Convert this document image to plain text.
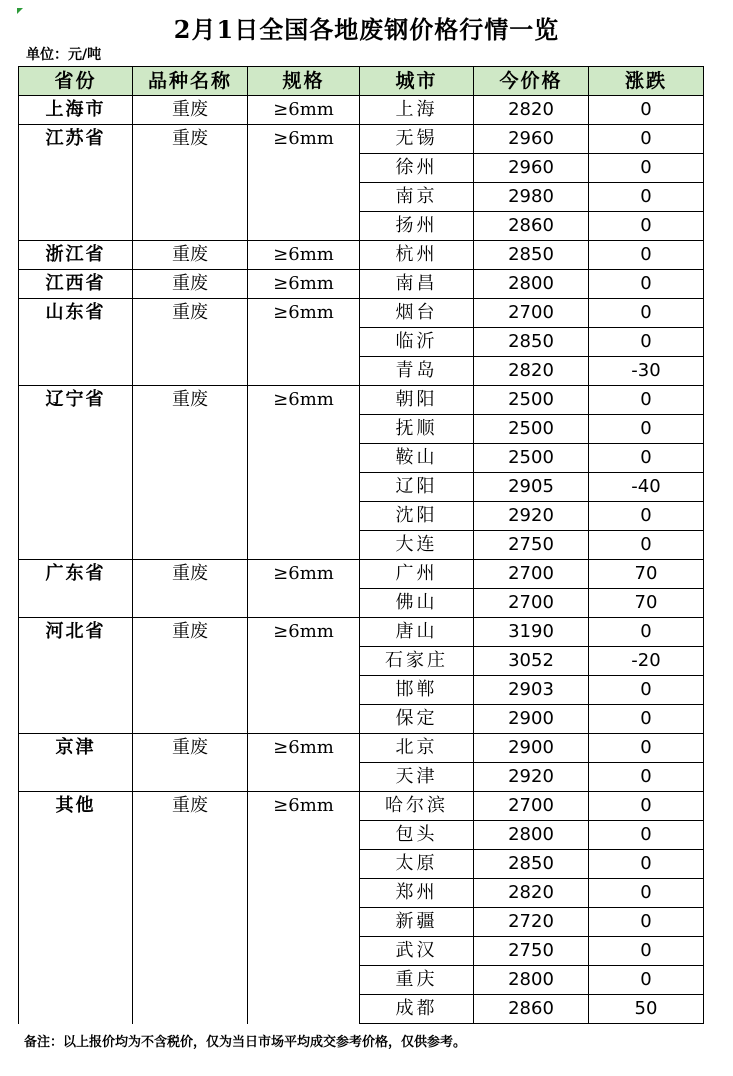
2月1日全国各地废钢价格行情一览
单位：元/吨
省份	品种名称	规格	城市	今价格	涨跌
上海市	重废	≥6mm	上海	2820	0
江苏省	重废	≥6mm	无锡	2960	0
			徐州	2960	0
			南京	2980	0
			扬州	2860	0
浙江省	重废	≥6mm	杭州	2850	0
江西省	重废	≥6mm	南昌	2800	0
山东省	重废	≥6mm	烟台	2700	0
			临沂	2850	0
			青岛	2820	-30
辽宁省	重废	≥6mm	朝阳	2500	0
			抚顺	2500	0
			鞍山	2500	0
			辽阳	2905	-40
			沈阳	2920	0
			大连	2750	0
广东省	重废	≥6mm	广州	2700	70
			佛山	2700	70
河北省	重废	≥6mm	唐山	3190	0
			石家庄	3052	-20
			邯郸	2903	0
			保定	2900	0
京津	重废	≥6mm	北京	2900	0
			天津	2920	0
其他	重废	≥6mm	哈尔滨	2700	0
			包头	2800	0
			太原	2850	0
			郑州	2820	0
			新疆	2720	0
			武汉	2750	0
			重庆	2800	0
			成都	2860	50
备注：以上报价均为不含税价，仅为当日市场平均成交参考价格，仅供参考。
